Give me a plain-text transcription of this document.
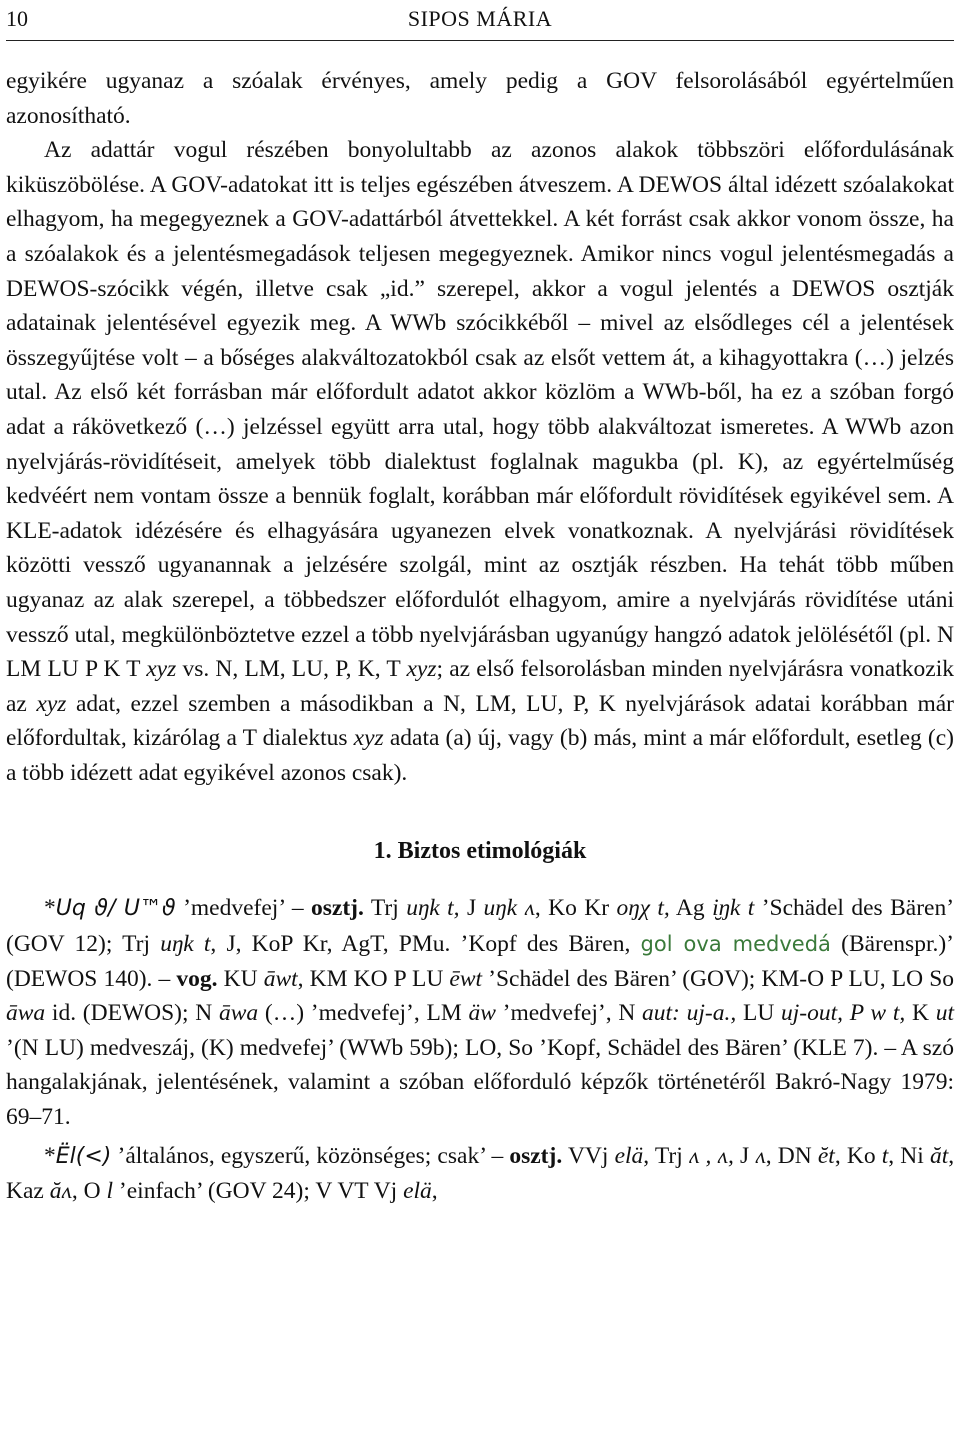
10	SIPOS MÁRIA

egyikére ugyanaz a szóalak érvényes, amely pedig a GOV felsorolásából egyértelműen azonosítható.

Az adattár vogul részében bonyolultabb az azonos alakok többszöri előfordulásának kiküszöbölése. A GOV-adatokat itt is teljes egészében átveszem. A DEWOS által idézett szóalakokat elhagyom, ha megegyeznek a GOV-adattárból átvettekkel. A két forrást csak akkor vonom össze, ha a szóalakok és a jelentésmegadások teljesen megegyeznek. Amikor nincs vogul jelentésmegadás a DEWOS-szócikk végén, illetve csak „id.” szerepel, akkor a vogul jelentés a DEWOS osztják adatainak jelentésével egyezik meg. A WWb szócikkéből – mivel az elsődleges cél a jelentések összegyűjtése volt – a bőséges alakváltozatokból csak az elsőt vettem át, a kihagyottakra (…) jelzés utal. Az első két forrásban már előfordult adatot akkor közlöm a WWb-ből, ha ez a szóban forgó adat a rákövetkező (…) jelzéssel együtt arra utal, hogy több alakváltozat ismeretes. A WWb azon nyelvjárás-rövidítéseit, amelyek több dialektust foglalnak magukba (pl. K), az egyértelműség kedvéért nem vontam össze a bennük foglalt, korábban már előfordult rövidítések egyikével sem. A KLE-adatok idézésére és elhagyására ugyanezen elvek vonatkoznak. A nyelvjárási rövidítések közötti vessző ugyanannak a jelzésére szolgál, mint az osztják részben. Ha tehát több műben ugyanaz az alak szerepel, a többedszer előfordulót elhagyom, amire a nyelvjárás rövidítése utáni vessző utal, megkülönböztetve ezzel a több nyelvjárásban ugyanúgy hangzó adatok jelölésétől (pl. N LM LU P K T xyz vs. N, LM, LU, P, K, T xyz; az első felsorolásban minden nyelvjárásra vonatkozik az xyz adat, ezzel szemben a másodikban a N, LM, LU, P, K nyelvjárások adatai korábban már előfordultak, kizárólag a T dialektus xyz adata (a) új, vagy (b) más, mint a már előfordult, esetleg (c) a több idézett adat egyikével azonos csak).

1. Biztos etimológiák

*Uq ϑ/ U™ϑ ’medvefej’ – osztj. Trj uŋk t, J uŋk ʌ, Ko Kr oŋχ t, Ag i̮ŋk t ’Schädel des Bären’ (GOV 12); Trj uŋk t, J, KoP Kr, AgT, PMu. ’Kopf des Bären, gol ova medvedá (Bärenspr.)’ (DEWOS 140). – vog. KU āwt, KM KO P LU ēwt ’Schädel des Bären’ (GOV); KM-O P LU, LO So āwa id. (DEWOS); N āwa (…) ’medvefej’, LM äw ’medvefej’, N aut: uj-a., LU uj-out, P w t, K ut ’(N LU) medveszáj, (K) medvefej’ (WWb 59b); LO, So ’Kopf, Schädel des Bären’ (KLE 7). – A szó hangalakjának, jelentésének, valamint a szóban előforduló képzők történetéről Bakró-Nagy 1979: 69–71.

*Ël(<) ’általános, egyszerű, közönséges; csak’ – osztj. VVj elä, Trj ʌ , ʌ, J ʌ, DN ĕt, Ko t, Ni ăt, Kaz ăʌ, O l ’einfach’ (GOV 24); V VT Vj elä,
